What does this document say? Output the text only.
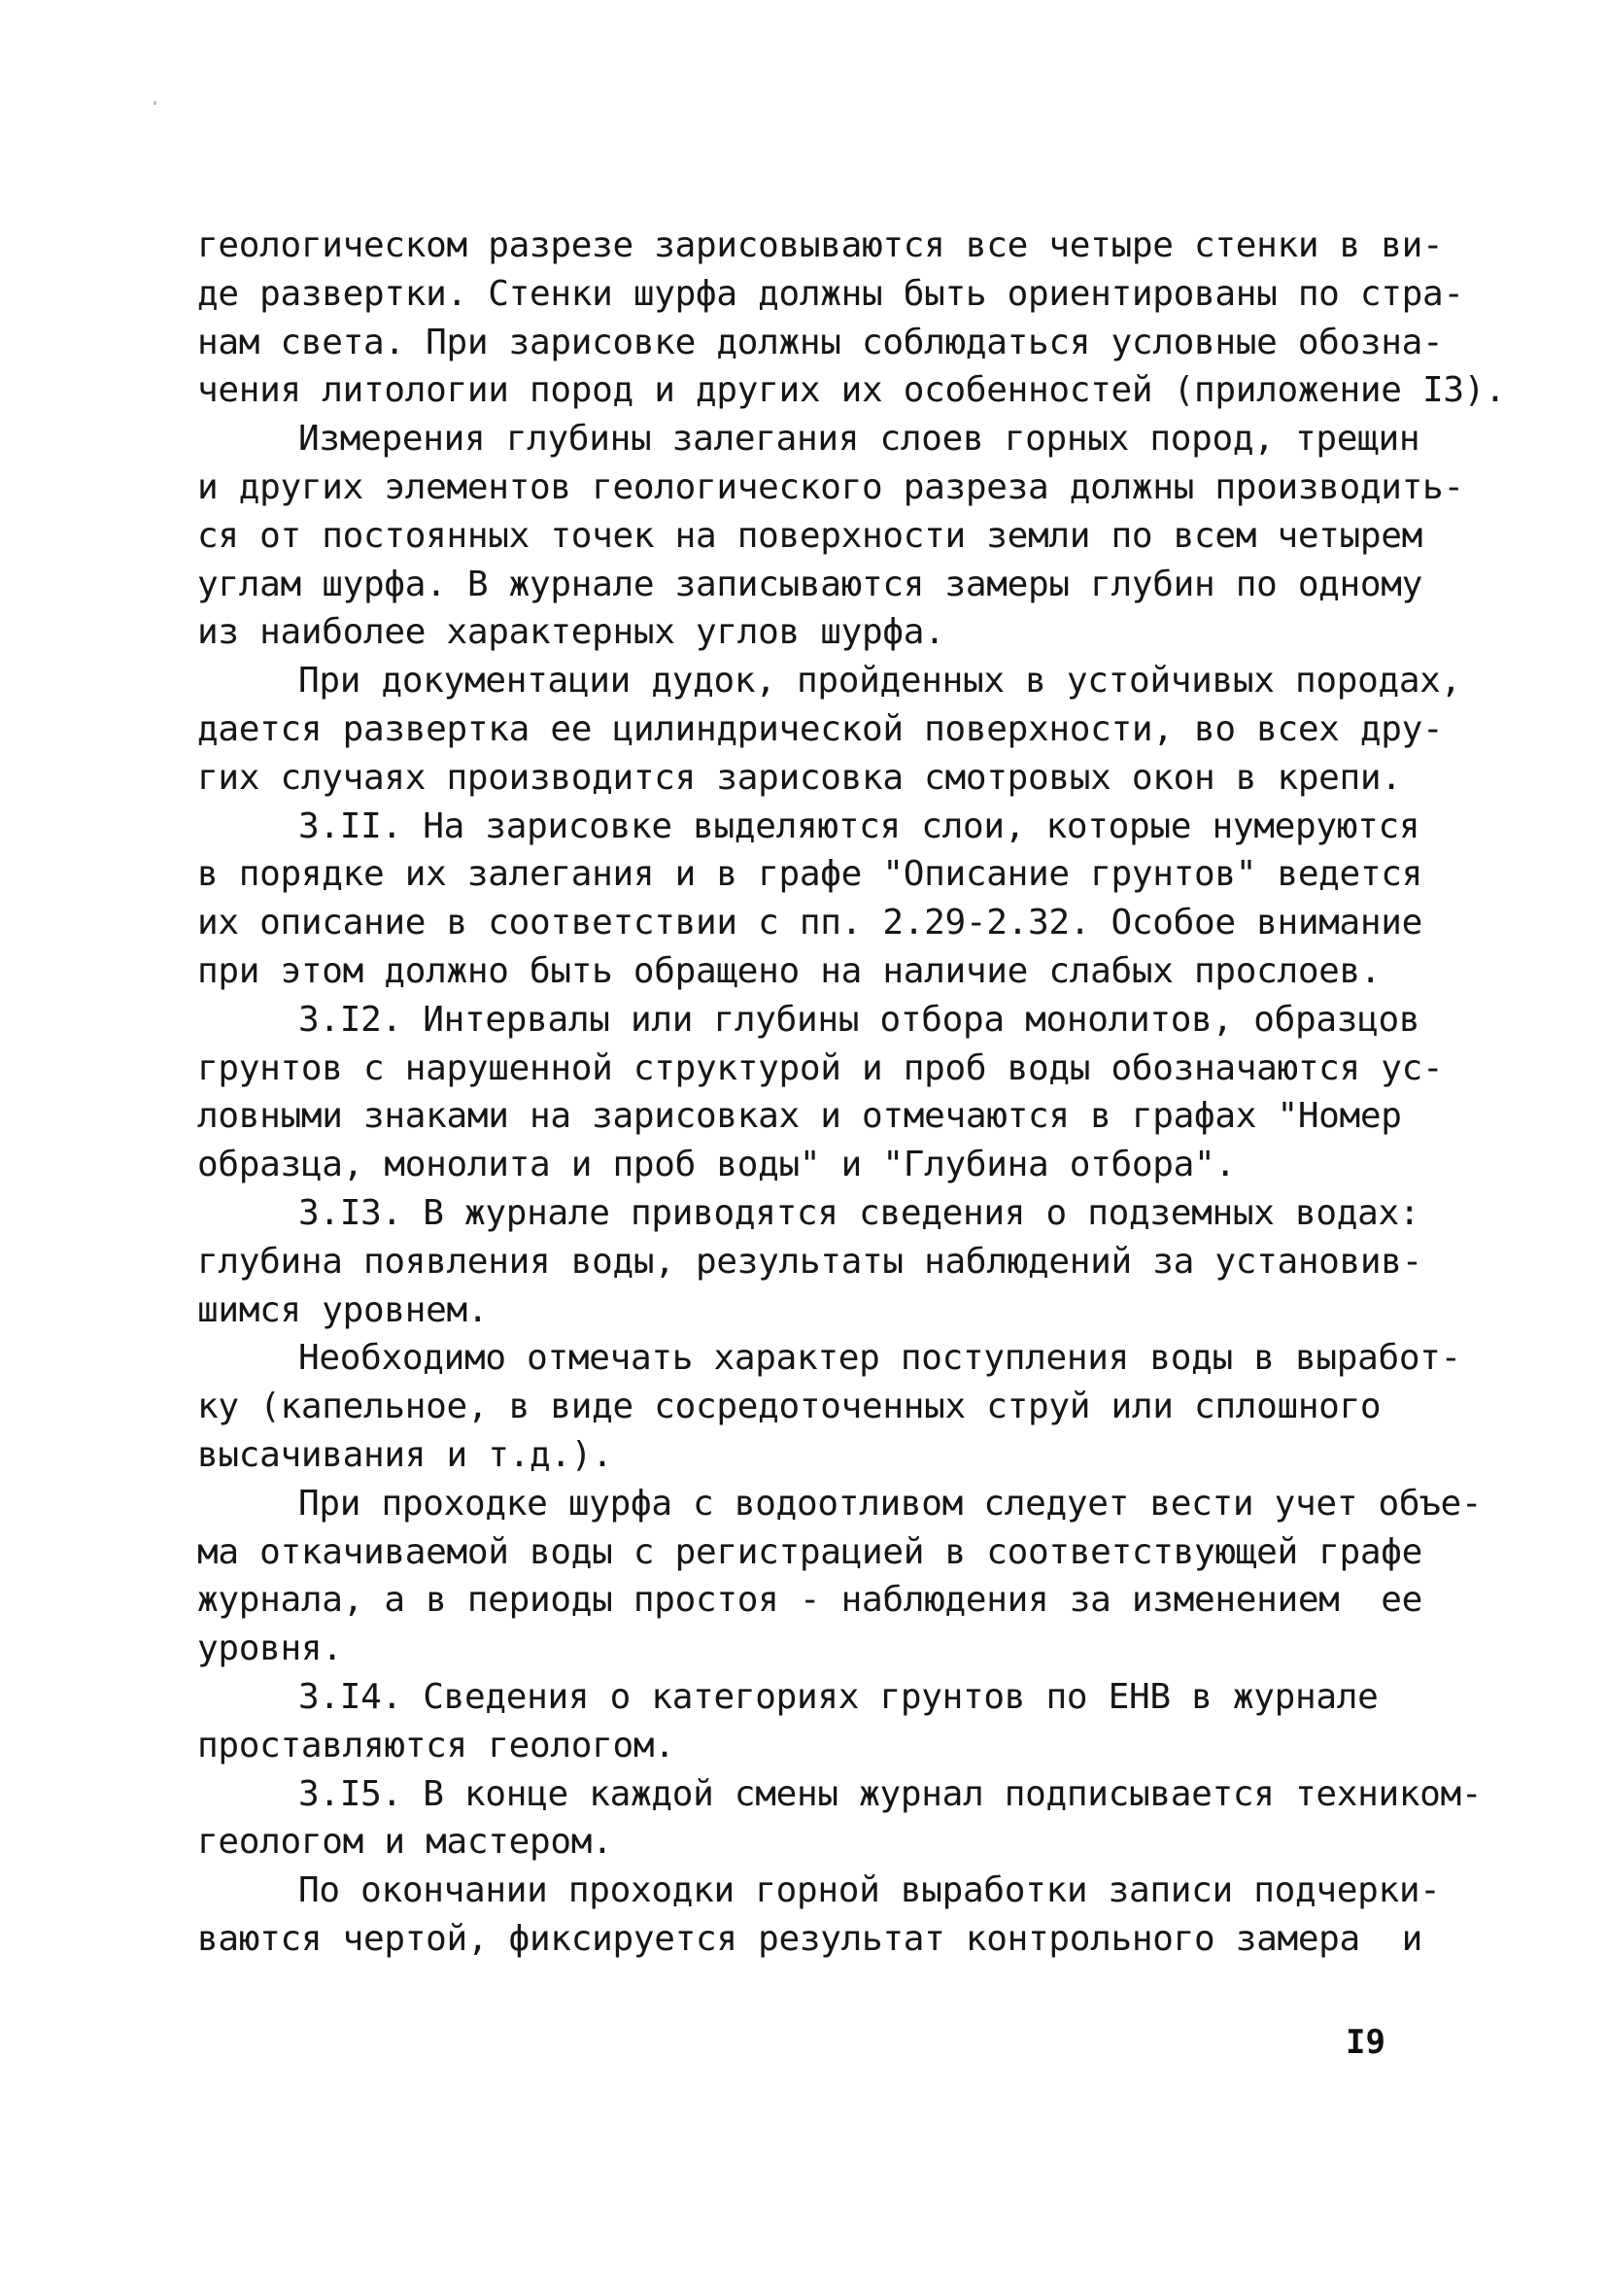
геологическом разрезе зарисовываются все четыре стенки в ви-
де развертки. Стенки шурфа должны быть ориентированы по стра-
нам света. При зарисовке должны соблюдаться условные обозна-
чения литологии пород и других их особенностей (приложение I3).
Измерения глубины залегания слоев горных пород, трещин
и других элементов геологического разреза должны производить-
ся от постоянных точек на поверхности земли по всем четырем
углам шурфа. В журнале записываются замеры глубин по одному
из наиболее характерных углов шурфа.
При документации дудок, пройденных в устойчивых породах,
дается развертка ее цилиндрической поверхности, во всех дру-
гих случаях производится зарисовка смотровых окон в крепи.
3.II. На зарисовке выделяются слои, которые нумеруются
в порядке их залегания и в графе "Описание грунтов" ведется
их описание в соответствии с пп. 2.29-2.32. Особое внимание
при этом должно быть обращено на наличие слабых прослоев.
3.I2. Интервалы или глубины отбора монолитов, образцов
грунтов с нарушенной структурой и проб воды обозначаются ус-
ловными знаками на зарисовках и отмечаются в графах "Номер
образца, монолита и проб воды" и "Глубина отбора".
3.I3. В журнале приводятся сведения о подземных водах:
глубина появления воды, результаты наблюдений за установив-
шимся уровнем.
Необходимо отмечать характер поступления воды в выработ-
ку (капельное, в виде сосредоточенных струй или сплошного
высачивания и т.д.).
При проходке шурфа с водоотливом следует вести учет объе-
ма откачиваемой воды с регистрацией в соответствующей графе
журнала, а в периоды простоя - наблюдения за изменением  ее
уровня.
3.I4. Сведения о категориях грунтов по ЕНВ в журнале
проставляются геологом.
3.I5. В конце каждой смены журнал подписывается техником-
геологом и мастером.
По окончании проходки горной выработки записи подчерки-
ваются чертой, фиксируется результат контрольного замера  и
I9
